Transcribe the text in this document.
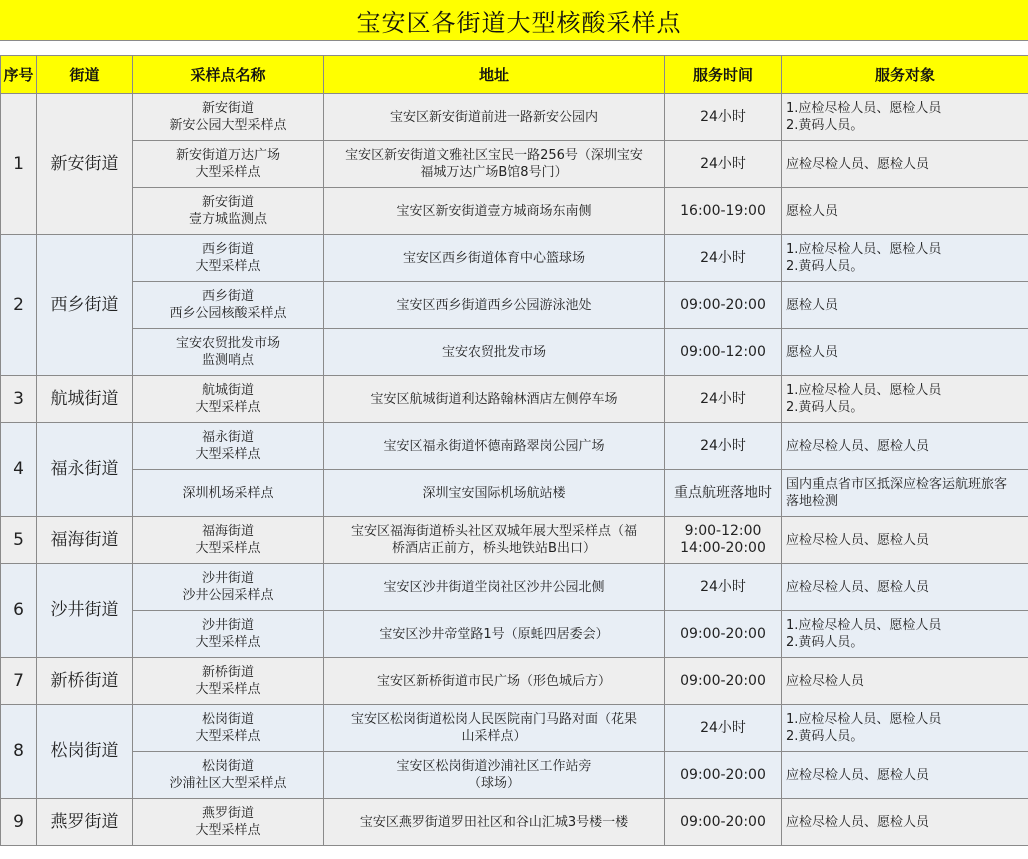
宝安区各街道大型核酸采样点
序号	街道	采样点名称	地址	服务时间	服务对象
1	新安街道	新安街道
新安公园大型采样点	宝安区新安街道前进一路新安公园内	24小时	1.应检尽检人员、愿检人员
2.黄码人员。

		新安街道万达广场
大型采样点	宝安区新安街道文雅社区宝民一路256号（深圳宝安
福城万达广场B馆8号门）	24小时	应检尽检人员、愿检人员

		新安街道
壹方城监测点	宝安区新安街道壹方城商场东南侧	16:00-19:00	愿检人员

2	西乡街道	西乡街道
大型采样点	宝安区西乡街道体育中心篮球场	24小时	1.应检尽检人员、愿检人员
2.黄码人员。

		西乡街道
西乡公园核酸采样点	宝安区西乡街道西乡公园游泳池处	09:00-20:00	愿检人员

		宝安农贸批发市场
监测哨点	宝安农贸批发市场	09:00-12:00	愿检人员

3	航城街道	航城街道
大型采样点	宝安区航城街道利达路翰林酒店左侧停车场	24小时	1.应检尽检人员、愿检人员
2.黄码人员。

4	福永街道	福永街道
大型采样点	宝安区福永街道怀德南路翠岗公园广场	24小时	应检尽检人员、愿检人员

		深圳机场采样点	深圳宝安国际机场航站楼	重点航班落地时	国内重点省市区抵深应检客运航班旅客
落地检测

5	福海街道	福海街道
大型采样点	宝安区福海街道桥头社区双城年展大型采样点（福
桥酒店正前方，桥头地铁站B出口）	9:00-12:00
14:00-20:00	应检尽检人员、愿检人员

6	沙井街道	沙井街道
沙井公园采样点	宝安区沙井街道坣岗社区沙井公园北侧	24小时	应检尽检人员、愿检人员

		沙井街道
大型采样点	宝安区沙井帝堂路1号（原蚝四居委会）	09:00-20:00	1.应检尽检人员、愿检人员
2.黄码人员。

7	新桥街道	新桥街道
大型采样点	宝安区新桥街道市民广场（形色城后方）	09:00-20:00	应检尽检人员

8	松岗街道	松岗街道
大型采样点	宝安区松岗街道松岗人民医院南门马路对面（花果
山采样点）	24小时	1.应检尽检人员、愿检人员
2.黄码人员。

		松岗街道
沙浦社区大型采样点	宝安区松岗街道沙浦社区工作站旁
（球场）	09:00-20:00	应检尽检人员、愿检人员

9	燕罗街道	燕罗街道
大型采样点	宝安区燕罗街道罗田社区和谷山汇城3号楼一楼	09:00-20:00	应检尽检人员、愿检人员
